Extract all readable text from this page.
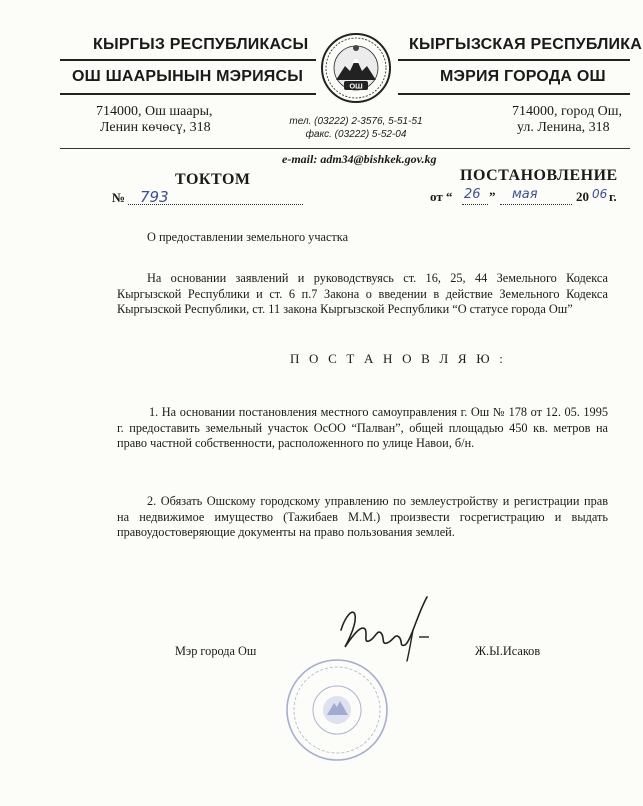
КЫРГЫЗ РЕСПУБЛИКАСЫ
ОШ ШААРЫНЫН МЭРИЯСЫ
714000, Ош шаары,
Ленин көчөсү, 318
КЫРГЫЗСКАЯ РЕСПУБЛИКА
МЭРИЯ ГОРОДА ОШ
714000, город Ош,
ул. Ленина, 318
ОШ
тел. (03222) 2-3576, 5-51-51
факс. (03222) 5-52-04
e-mail: adm34@bishkek.gov.kg
ТОКТОМ	ПОСТАНОВЛЕНИЕ
№ 793	от “ 26 ” мая	20 06 г.
О предоставлении земельного участка
На основании заявлений и руководствуясь ст. 16, 25, 44 Земельного Кодекса Кыргызской Республики и ст. 6 п.7 Закона о введении в действие Земельного Кодекса Кыргызской Республики, ст. 11 закона Кыргызской Республики “О статусе города Ош”
П О С Т А Н О В Л Я Ю :
1. На основании постановления местного самоуправления г. Ош № 178 от 12. 05. 1995 г. предоставить земельный участок ОсОО “Палван”, общей площадью 450 кв. метров на право частной собственности, расположенного по улице Навои, б/н.
2. Обязать Ошскому городскому управлению по землеустройству и регистрации прав на недвижимое имущество (Тажибаев М.М.) произвести госрегистрацию и выдать правоудостоверяющие документы на право пользования землей.
Мэр города Ош	Ж.Ы.Исаков
